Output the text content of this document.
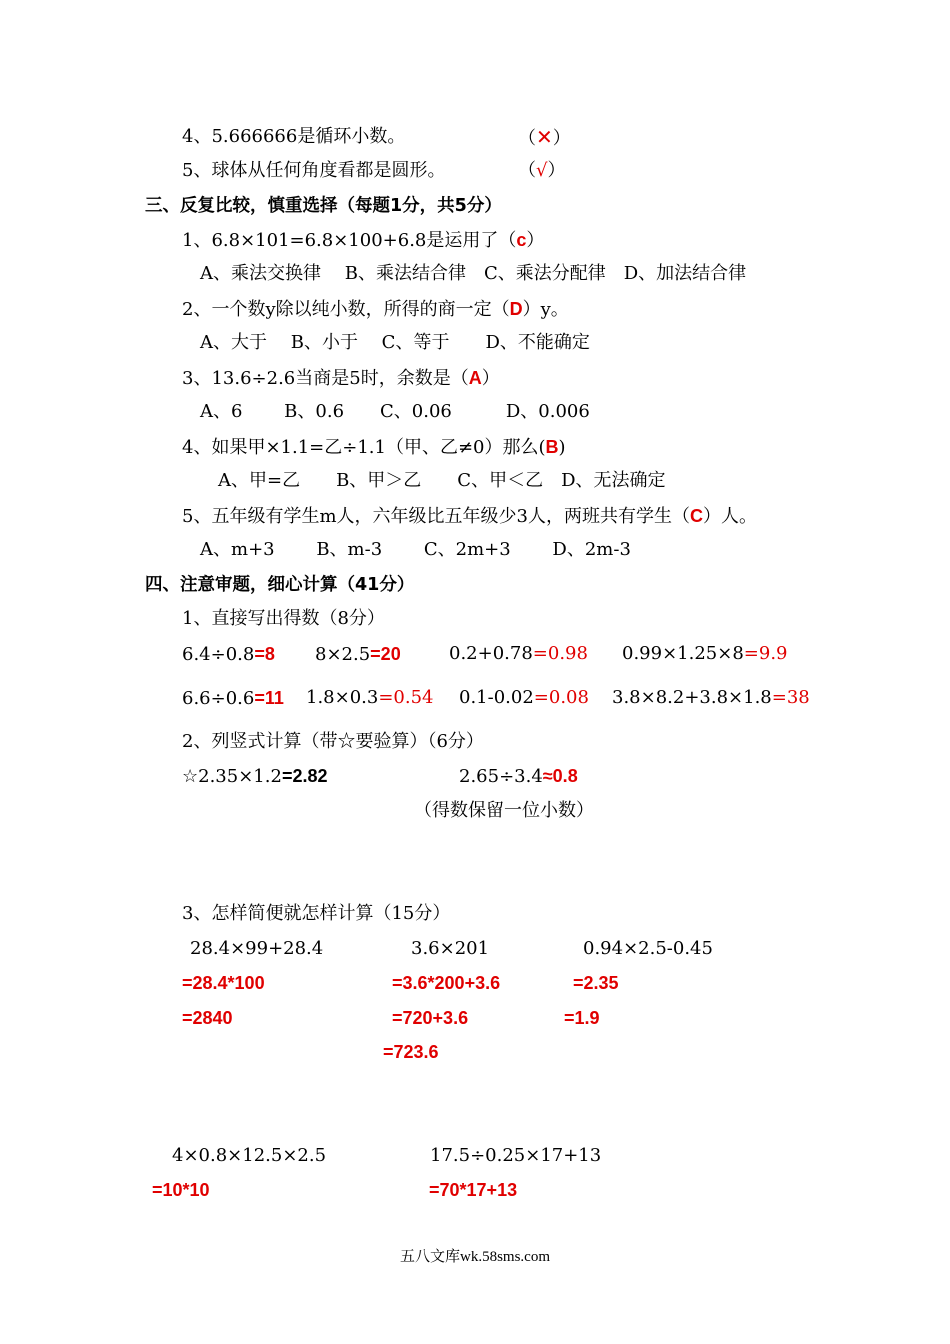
4、5.666666是循环小数。	（✕）
5、球体从任何角度看都是圆形。	（√）
三、反复比较，慎重选择（每题1分，共5分）
1、6.8×101=6.8×100+6.8是运用了（c）
A、乘法交换律　 B、乘法结合律　C、乘法分配律　D、加法结合律
2、一个数y除以纯小数，所得的商一定（D）y。
A、大于　 B、小于　 C、等于　　D、不能确定
3、13.6÷2.6当商是5时，余数是（A）
A、6　　 B、0.6　　C、0.06　　　D、0.006
4、如果甲×1.1=乙÷1.1（甲、乙≠0）那么(B)
A、甲=乙　　B、甲＞乙　　C、甲＜乙　D、无法确定
5、五年级有学生m人，六年级比五年级少3人，两班共有学生（C）人。
A、m+3　　 B、m-3　　 C、2m+3　　 D、2m-3
四、注意审题，细心计算（41分）
1、直接写出得数（8分）
6.4÷0.8=8 8×2.5=20	0.2+0.78=0.98 0.99×1.25×8=9.9
6.6÷0.6=11 1.8×0.3=0.54 0.1-0.02=0.08 3.8×8.2+3.8×1.8=38
2、列竖式计算（带☆要验算）（6分）
☆2.35×1.2=2.82	2.65÷3.4≈0.8
（得数保留一位小数）
3、怎样简便就怎样计算（15分）
28.4×99+28.4
=28.4*100
=2840
3.6×201
=3.6*200+3.6
=720+3.6
=723.6
0.94×2.5-0.45
=2.35
=1.9
4×0.8×12.5×2.5
=10*10
17.5÷0.25×17+13
=70*17+13
五八文库wk.58sms.com
